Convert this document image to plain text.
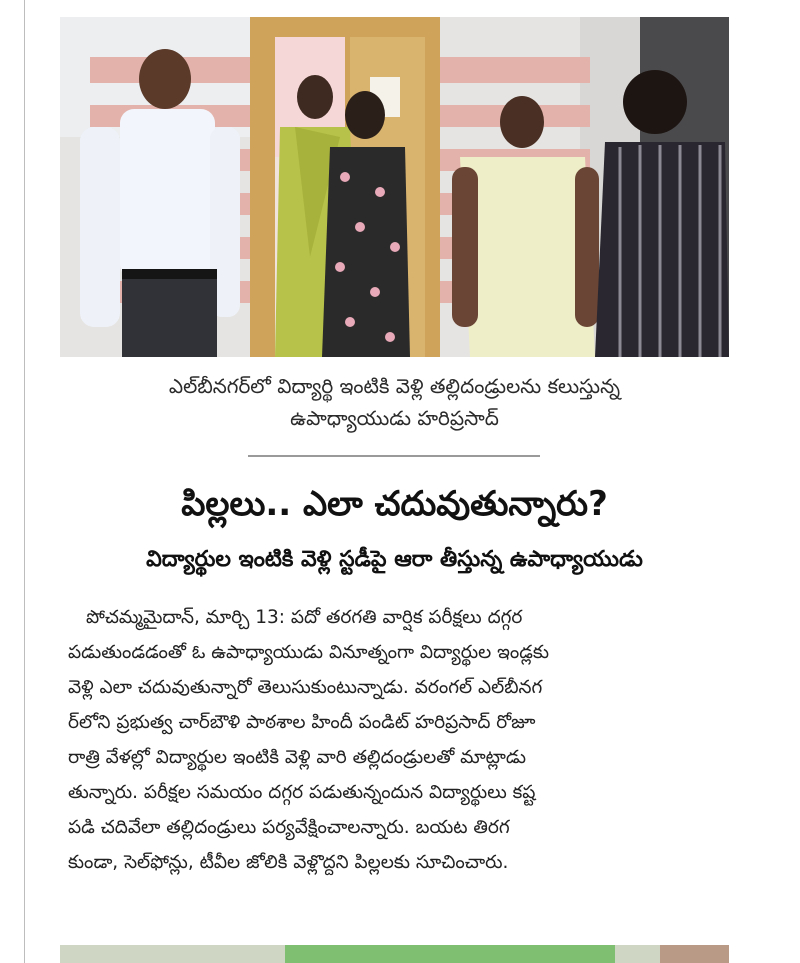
ఎల్‌బీనగర్‌లో విద్యార్థి ఇంటికి వెళ్లి తల్లిదండ్రులను కలుస్తున్న
ఉపాధ్యాయుడు హరిప్రసాద్
పిల్లలు.. ఎలా చదువుతున్నారు?
విద్యార్థుల ఇంటికి వెళ్లి స్టడీపై ఆరా తీస్తున్న ఉపాధ్యాయుడు
పోచమ్మమైదాన్, మార్చి 13: పదో తరగతి వార్షిక పరీక్షలు దగ్గర
పడుతుండడంతో ఓ ఉపాధ్యాయుడు వినూత్నంగా విద్యార్థుల ఇండ్లకు
వెళ్లి ఎలా చదువుతున్నారో తెలుసుకుంటున్నాడు. వరంగల్ ఎల్‌బీనగ
ర్‌లోని ప్రభుత్వ చార్‌బౌళి పాఠశాల హిందీ పండిట్ హరిప్రసాద్ రోజూ
రాత్రి వేళల్లో విద్యార్థుల ఇంటికి వెళ్లి వారి తల్లిదండ్రులతో మాట్లాడు
తున్నారు. పరీక్షల సమయం దగ్గర పడుతున్నందున విద్యార్థులు కష్ట
పడి చదివేలా తల్లిదండ్రులు పర్యవేక్షించాలన్నారు. బయట తిరగ
కుండా, సెల్‌ఫోన్లు, టీవీల జోలికి వెళ్లొద్దని పిల్లలకు సూచించారు.
